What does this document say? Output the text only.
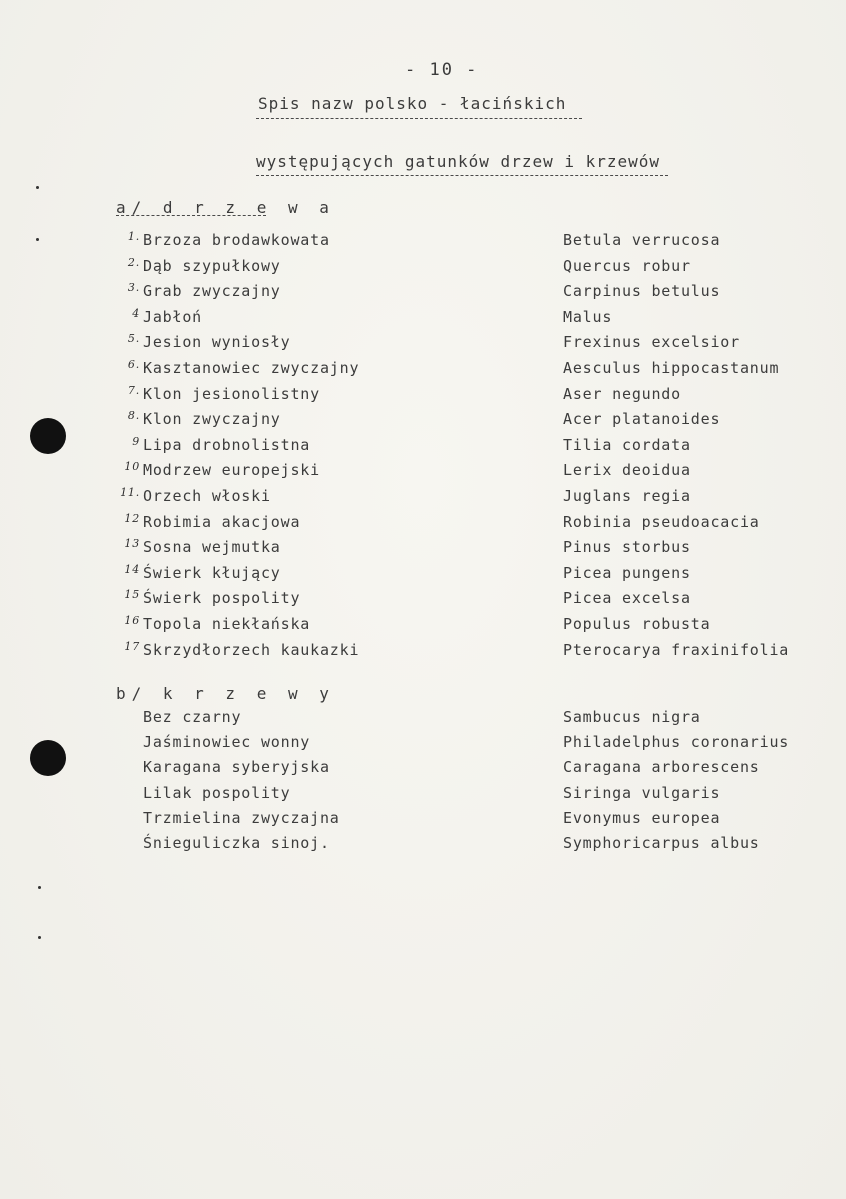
- 10 -
Spis nazw polsko - łacińskich
występujących gatunków drzew i krzewów
a/ d r z e w a
1. Brzoza brodawkowata	Betula verrucosa
2. Dąb szypułkowy	Quercus robur
3. Grab zwyczajny	Carpinus betulus
4 Jabłoń	Malus
5. Jesion wyniosły	Frexinus excelsior
6. Kasztanowiec zwyczajny	Aesculus hippocastanum
7. Klon jesionolistny	Aser negundo
8. Klon zwyczajny	Acer platanoides
9 Lipa drobnolistna	Tilia cordata
10 Modrzew europejski	Lerix deoidua
11. Orzech włoski	Juglans regia
12 Robimia akacjowa	Robinia pseudoacacia
13 Sosna wejmutka	Pinus storbus
14 Świerk kłujący	Picea pungens
15 Świerk pospolity	Picea excelsa
16 Topola niekłańska	Populus robusta
17 Skrzydłorzech kaukazki	Pterocarya fraxinifolia
b/ k r z e w y
Bez czarny	Sambucus nigra
Jaśminowiec wonny	Philadelphus coronarius
Karagana syberyjska	Caragana arborescens
Lilak pospolity	Siringa vulgaris
Trzmielina zwyczajna	Evonymus europea
Śnieguliczka sinoj.	Symphoricarpus albus
